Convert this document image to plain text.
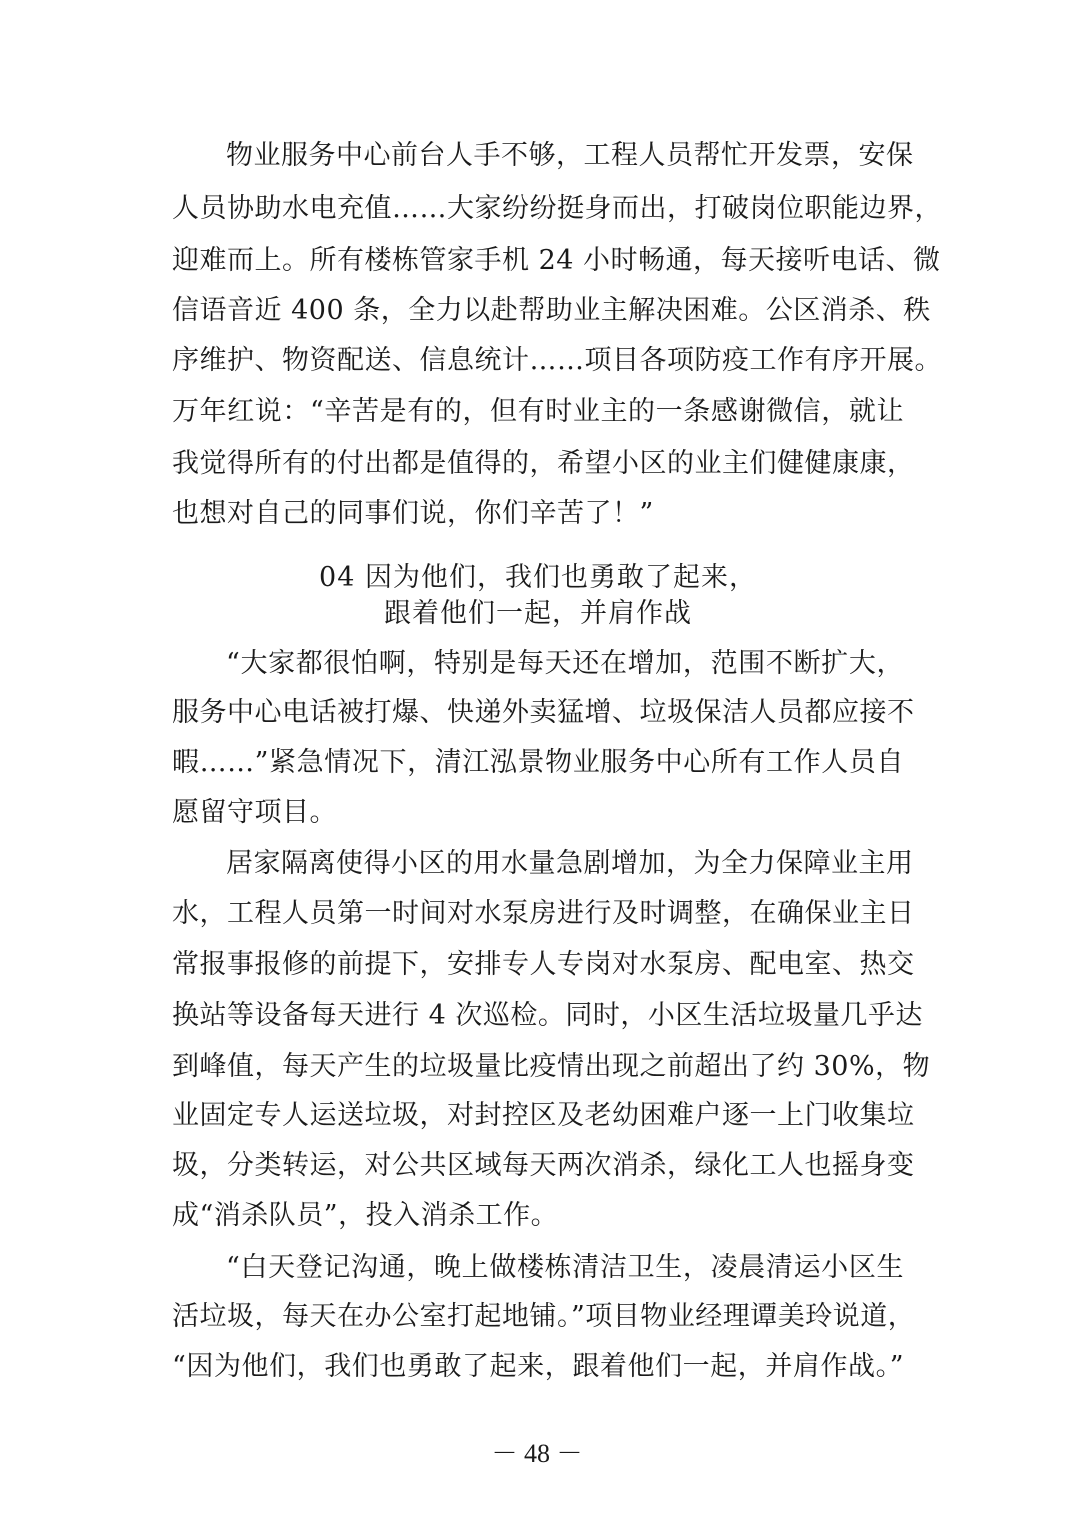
物业服务中心前台人手不够，工程人员帮忙开发票，安保
人员协助水电充值……大家纷纷挺身而出，打破岗位职能边界，
迎难而上。所有楼栋管家手机 24 小时畅通，每天接听电话、微
信语音近 400 条，全力以赴帮助业主解决困难。公区消杀、秩
序维护、物资配送、信息统计……项目各项防疫工作有序开展。
万年红说：“辛苦是有的，但有时业主的一条感谢微信，就让
我觉得所有的付出都是值得的，希望小区的业主们健健康康，
也想对自己的同事们说，你们辛苦了！”
04 因为他们，我们也勇敢了起来，
跟着他们一起，并肩作战
“大家都很怕啊，特别是每天还在增加，范围不断扩大，
服务中心电话被打爆、快递外卖猛增、垃圾保洁人员都应接不
暇……”紧急情况下，清江泓景物业服务中心所有工作人员自
愿留守项目。
居家隔离使得小区的用水量急剧增加，为全力保障业主用
水，工程人员第一时间对水泵房进行及时调整，在确保业主日
常报事报修的前提下，安排专人专岗对水泵房、配电室、热交
换站等设备每天进行 4 次巡检。同时，小区生活垃圾量几乎达
到峰值，每天产生的垃圾量比疫情出现之前超出了约 30%，物
业固定专人运送垃圾，对封控区及老幼困难户逐一上门收集垃
圾，分类转运，对公共区域每天两次消杀，绿化工人也摇身变
成“消杀队员”，投入消杀工作。
“白天登记沟通，晚上做楼栋清洁卫生，凌晨清运小区生
活垃圾，每天在办公室打起地铺。”项目物业经理谭美玲说道，
“因为他们，我们也勇敢了起来，跟着他们一起，并肩作战。”
－ 48 －
